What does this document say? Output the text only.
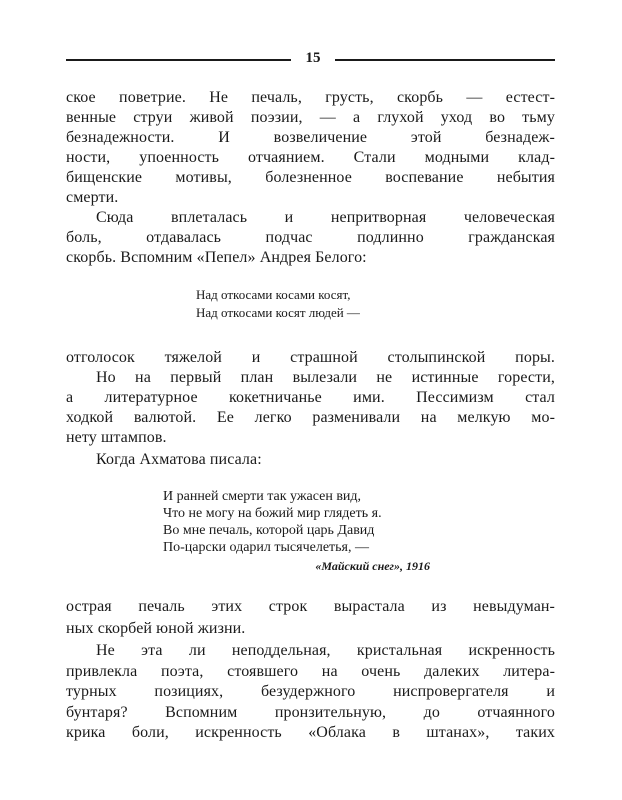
15
ское поветрие. Не печаль, грусть, скорбь — естест-
венные струи живой поэзии, — а глухой уход во тьму
безнадежности. И возвеличение этой безнадеж-
ности, упоенность отчаянием. Стали модными клад-
бищенские мотивы, болезненное воспевание небытия
смерти.
Сюда вплеталась и непритворная человеческая
боль, отдавалась подчас подлинно гражданская
скорбь. Вспомним «Пепел» Андрея Белого:
Над откосами косами косят,
Над откосами косят людей —
отголосок тяжелой и страшной столыпинской поры.
Но на первый план вылезали не истинные горести,
а литературное кокетничанье ими. Пессимизм стал
ходкой валютой. Ее легко разменивали на мелкую мо-
нету штампов.
Когда Ахматова писала:
И ранней смерти так ужасен вид,
Что не могу на божий мир глядеть я.
Во мне печаль, которой царь Давид
По-царски одарил тысячелетья, —
«Майский снег», 1916
острая печаль этих строк вырастала из невыдуман-
ных скорбей юной жизни.
Не эта ли неподдельная, кристальная искренность
привлекла поэта, стоявшего на очень далеких литера-
турных позициях, безудержного ниспровергателя и
бунтаря? Вспомним пронзительную, до отчаянного
крика боли, искренность «Облака в штанах», таких
